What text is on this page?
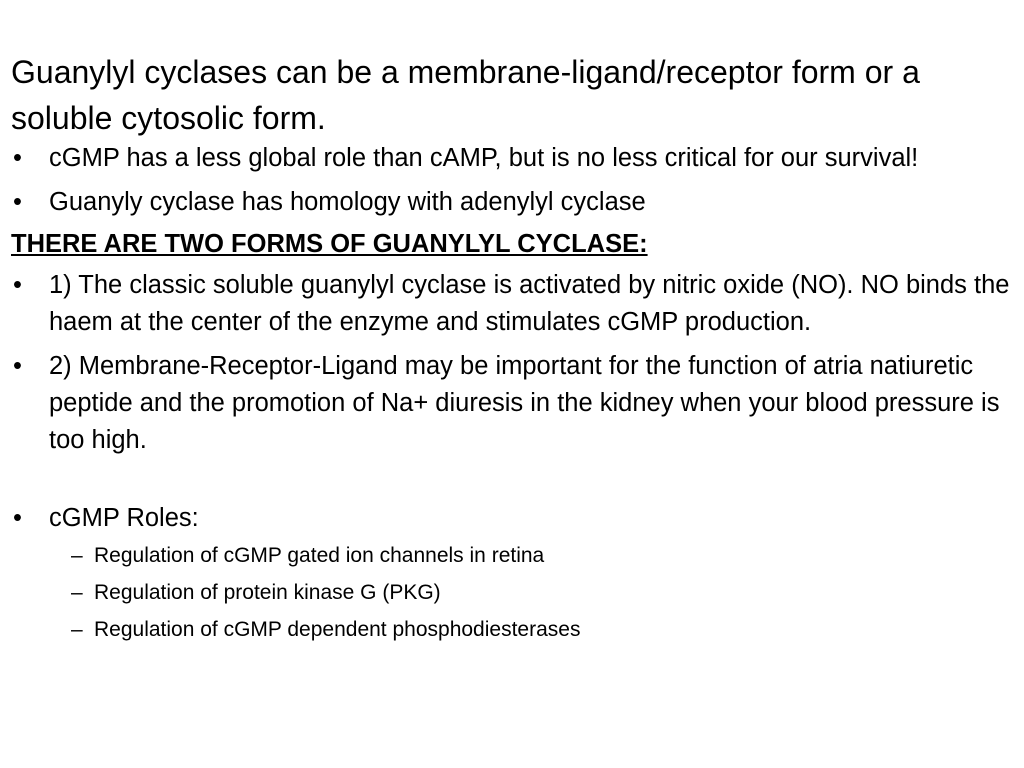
Guanylyl cyclases can be a membrane-ligand/receptor form or a soluble cytosolic form.
•	cGMP has a less global role than cAMP, but is no less critical for our survival!
•	Guanyly cyclase has homology with adenylyl cyclase
THERE ARE TWO FORMS OF GUANYLYL CYCLASE:
•	1) The classic soluble guanylyl cyclase is activated by nitric oxide (NO). NO binds the haem at the center of the enzyme and stimulates cGMP production.
•	2) Membrane-Receptor-Ligand may be important for the function of atria natiuretic peptide and the promotion of Na+ diuresis in the kidney when your blood pressure is too high.
•	cGMP Roles:
– Regulation of cGMP gated ion channels in retina
– Regulation of protein kinase G (PKG)
– Regulation of cGMP dependent phosphodiesterases
